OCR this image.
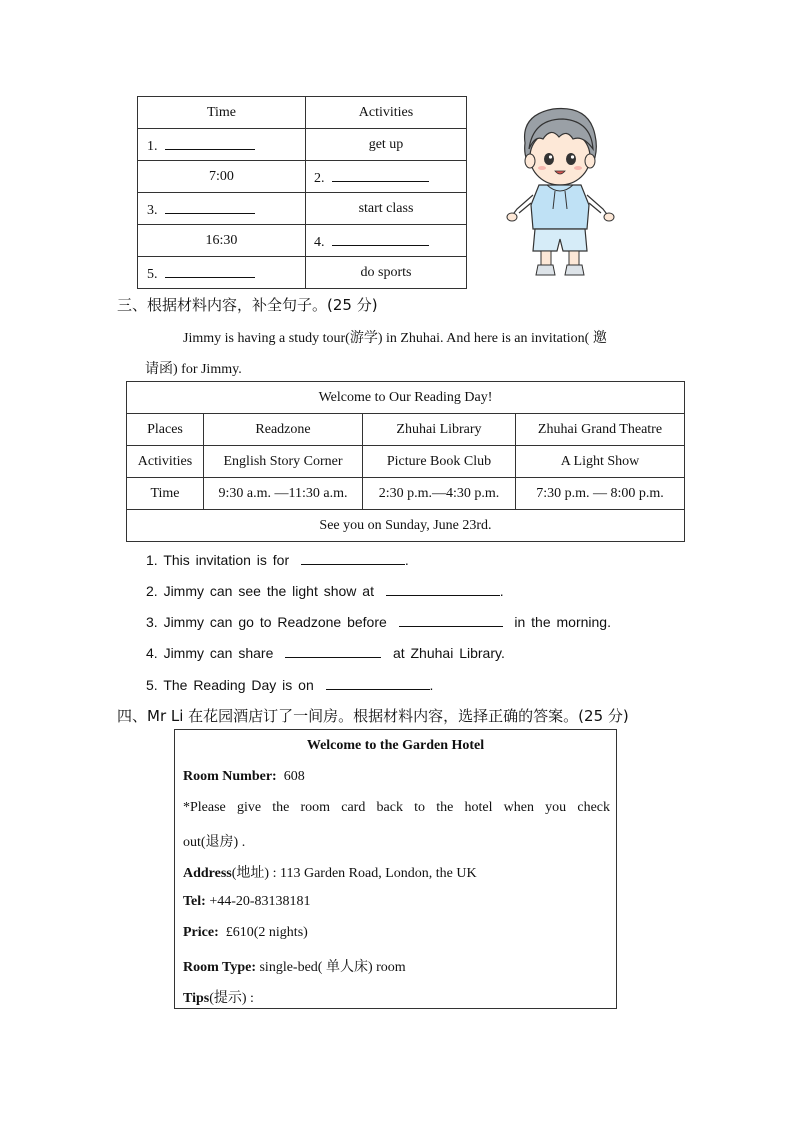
Time	Activities
1.	get up
7:00	2.
3.	start class
16:30	4.
5.	do sports
三、根据材料内容，补全句子。(25 分)
Jimmy is having a study tour(游学) in Zhuhai. And here is an invitation( 邀
请函) for Jimmy.
Welcome to Our Reading Day!			
Places	Readzone	Zhuhai Library	Zhuhai Grand Theatre
Activities	English Story Corner	Picture Book Club	A Light Show
Time	9:30 a.m. —11:30 a.m.	2:30 p.m.—4:30 p.m.	7:30 p.m. — 8:00 p.m.
See you on Sunday, June 23rd.			
1. This invitation is for	.
2. Jimmy can see the light show at	.
3. Jimmy can go to Readzone before	in the morning.
4. Jimmy can share	at Zhuhai Library.
5. The Reading Day is on	.
四、Mr Li 在花园酒店订了一间房。根据材料内容，选择正确的答案。(25 分)
Welcome to the Garden Hotel
Room Number: 608
*Please give the room card back to the hotel when you check
out(退房) .
Address(地址) : 113 Garden Road, London, the UK
Tel: +44-20-83138181
Price: £610(2 nights)
Room Type: single-bed( 单人床) room
Tips(提示) :
